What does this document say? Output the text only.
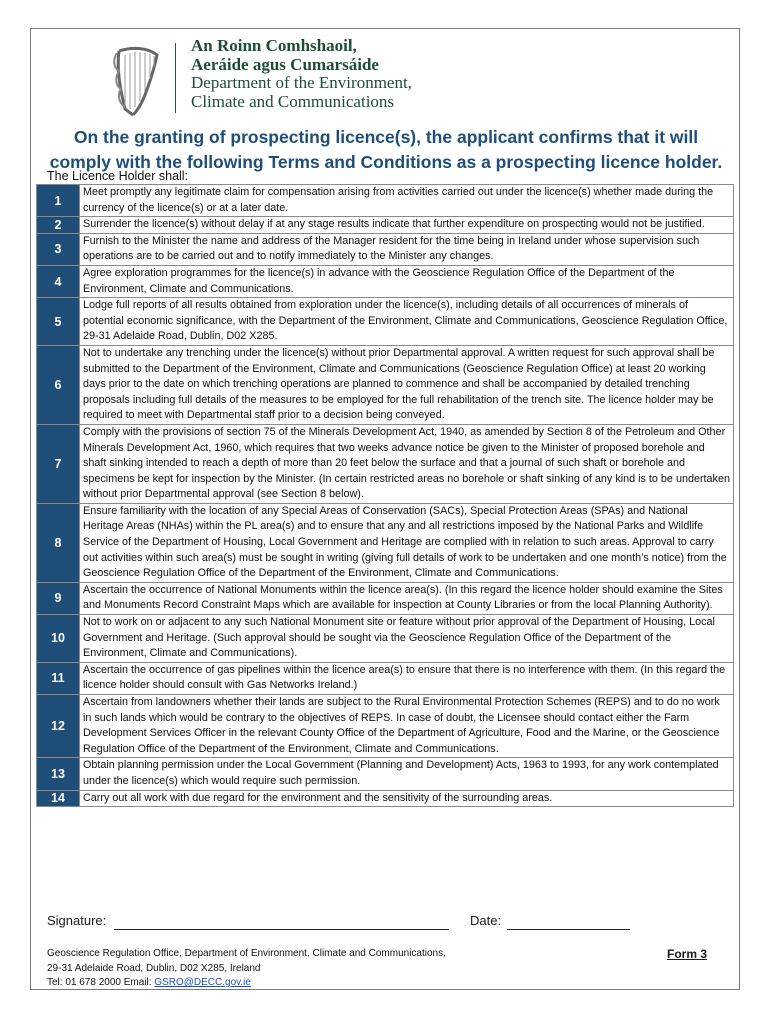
An Roinn Comhshaoil,
Aeráide agus Cumarsáide
Department of the Environment,
Climate and Communications
On the granting of prospecting licence(s), the applicant confirms that it will
comply with the following Terms and Conditions as a prospecting licence holder.
The Licence Holder shall:
1	Meet promptly any legitimate claim for compensation arising from activities carried out under the licence(s) whether made during the currency of the licence(s) or at a later date.
2	Surrender the licence(s) without delay if at any stage results indicate that further expenditure on prospecting would not be justified.
3	Furnish to the Minister the name and address of the Manager resident for the time being in Ireland under whose supervision such operations are to be carried out and to notify immediately to the Minister any changes.
4	Agree exploration programmes for the licence(s) in advance with the Geoscience Regulation Office of the Department of the Environment, Climate and Communications.
5	Lodge full reports of all results obtained from exploration under the licence(s), including details of all occurrences of minerals of potential economic significance, with the Department of the Environment, Climate and Communications, Geoscience Regulation Office, 29-31 Adelaide Road, Dublin, D02 X285.
6	Not to undertake any trenching under the licence(s) without prior Departmental approval. A written request for such approval shall be submitted to the Department of the Environment, Climate and Communications (Geoscience Regulation Office) at least 20 working days prior to the date on which trenching operations are planned to commence and shall be accompanied by detailed trenching proposals including full details of the measures to be employed for the full rehabilitation of the trench site. The licence holder may be required to meet with Departmental staff prior to a decision being conveyed.
7	Comply with the provisions of section 75 of the Minerals Development Act, 1940, as amended by Section 8 of the Petroleum and Other Minerals Development Act, 1960, which requires that two weeks advance notice be given to the Minister of proposed borehole and shaft sinking intended to reach a depth of more than 20 feet below the surface and that a journal of such shaft or borehole and specimens be kept for inspection by the Minister. (In certain restricted areas no borehole or shaft sinking of any kind is to be undertaken without prior Departmental approval (see Section 8 below).
8	Ensure familiarity with the location of any Special Areas of Conservation (SACs), Special Protection Areas (SPAs) and National Heritage Areas (NHAs) within the PL area(s) and to ensure that any and all restrictions imposed by the National Parks and Wildlife Service of the Department of Housing, Local Government and Heritage are complied with in relation to such areas. Approval to carry out activities within such area(s) must be sought in writing (giving full details of work to be undertaken and one month’s notice) from the Geoscience Regulation Office of the Department of the Environment, Climate and Communications.
9	Ascertain the occurrence of National Monuments within the licence area(s). (In this regard the licence holder should examine the Sites and Monuments Record Constraint Maps which are available for inspection at County Libraries or from the local Planning Authority).
10	Not to work on or adjacent to any such National Monument site or feature without prior approval of the Department of Housing, Local Government and Heritage. (Such approval should be sought via the Geoscience Regulation Office of the Department of the Environment, Climate and Communications).
11	Ascertain the occurrence of gas pipelines within the licence area(s) to ensure that there is no interference with them. (In this regard the licence holder should consult with Gas Networks Ireland.)
12	Ascertain from landowners whether their lands are subject to the Rural Environmental Protection Schemes (REPS) and to do no work in such lands which would be contrary to the objectives of REPS. In case of doubt, the Licensee should contact either the Farm Development Services Officer in the relevant County Office of the Department of Agriculture, Food and the Marine, or the Geoscience Regulation Office of the Department of the Environment, Climate and Communications.
13	Obtain planning permission under the Local Government (Planning and Development) Acts, 1963 to 1993, for any work contemplated under the licence(s) which would require such permission.
14	Carry out all work with due regard for the environment and the sensitivity of the surrounding areas.
Signature:	Date:
Geoscience Regulation Office, Department of Environment, Climate and Communications,
29-31 Adelaide Road, Dublin, D02 X285, Ireland
Tel: 01 678 2000 Email: GSRO@DECC.gov.ie
Form 3
